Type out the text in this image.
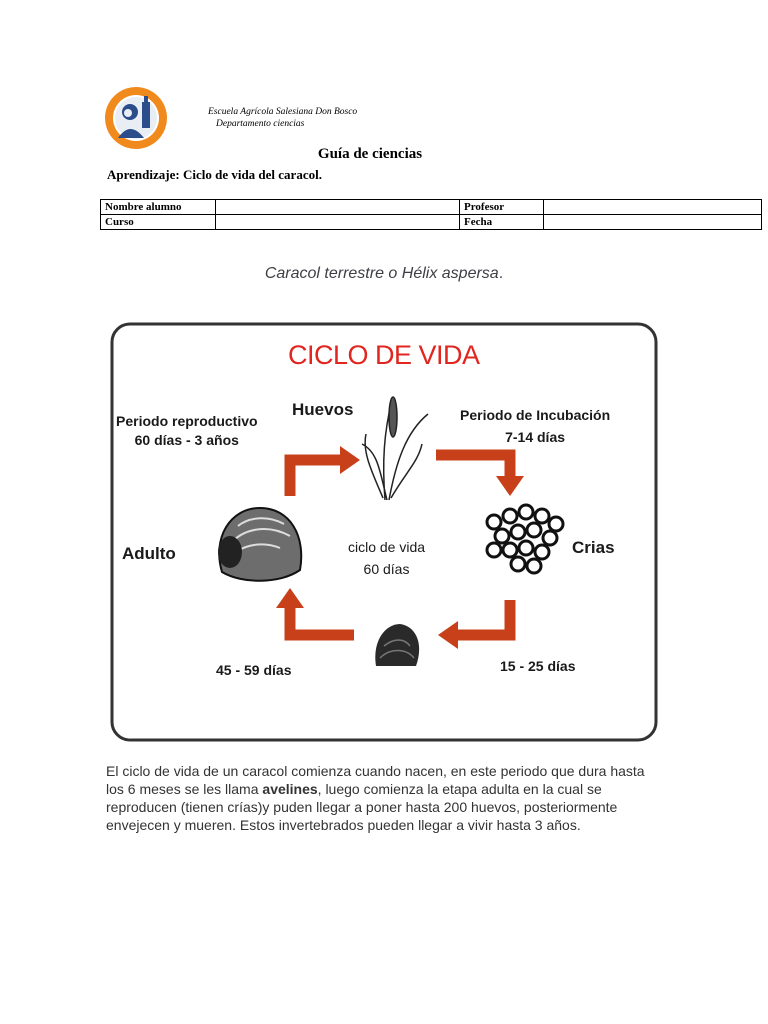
Escuela Agrícola Salesiana Don Bosco
Departamento ciencias
Guía de ciencias
Aprendizaje: Ciclo de vida del caracol.
Nombre alumno		Profesor	
Curso		Fecha	
Caracol terrestre o Hélix aspersa.
CICLO DE VIDA
Huevos
Periodo reproductivo
60 días - 3 años
Periodo de Incubación
7-14 días
Adulto	Crias
ciclo de vida
60 días
45 - 59 días	15 - 25 días
El ciclo de vida de un caracol comienza cuando nacen, en este periodo que dura hasta los 6 meses se les llama avelines, luego comienza la etapa adulta en la cual se reproducen (tienen crías)y puden llegar a poner hasta 200 huevos, posteriormente envejecen y mueren. Estos invertebrados pueden llegar a vivir hasta 3 años.
